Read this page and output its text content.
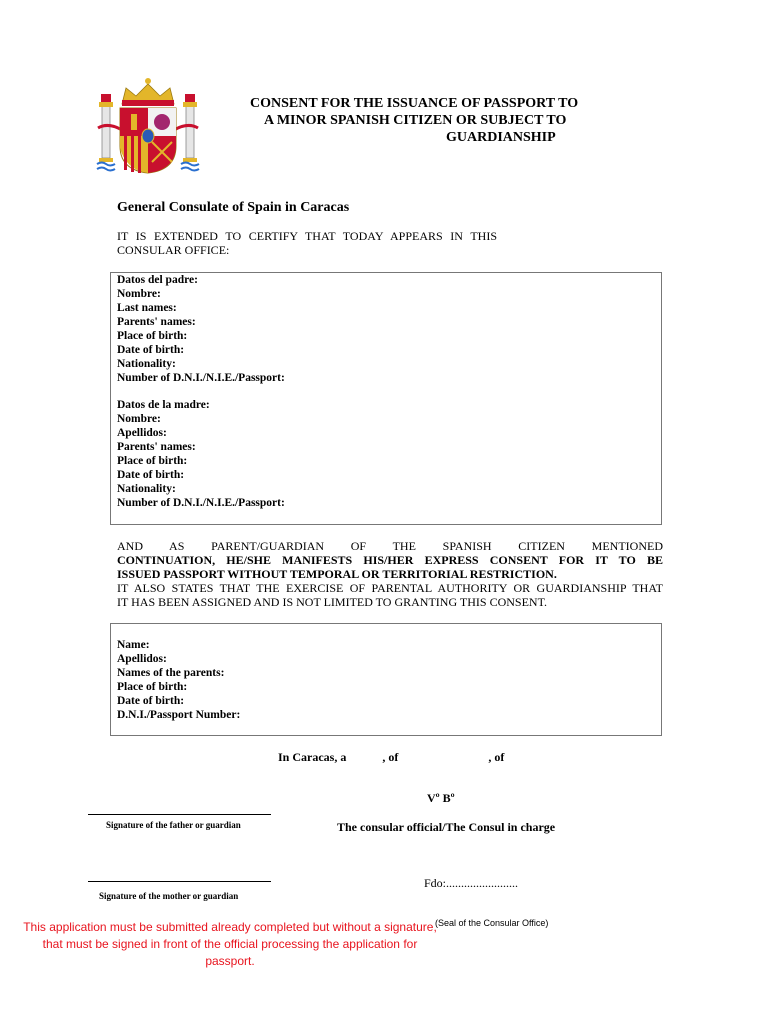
CONSENT FOR THE ISSUANCE OF PASSPORT TO
A MINOR SPANISH CITIZEN OR SUBJECT TO
GUARDIANSHIP
General Consulate of Spain in Caracas
IT IS EXTENDED TO CERTIFY THAT TODAY APPEARS IN THIS CONSULAR OFFICE:
Datos del padre:
Nombre:
Last names:
Parents' names:
Place of birth:
Date of birth:
Nationality:
Number of D.N.I./N.I.E./Passport:
Datos de la madre:
Nombre:
Apellidos:
Parents' names:
Place of birth:
Date of birth:
Nationality:
Number of D.N.I./N.I.E./Passport:
AND AS PARENT/GUARDIAN OF THE SPANISH CITIZEN MENTIONED
CONTINUATION, HE/SHE MANIFESTS HIS/HER EXPRESS CONSENT FOR IT TO BE
ISSUED PASSPORT WITHOUT TEMPORAL OR TERRITORIAL RESTRICTION.
IT ALSO STATES THAT THE EXERCISE OF PARENTAL AUTHORITY OR GUARDIANSHIP THAT
IT HAS BEEN ASSIGNED AND IS NOT LIMITED TO GRANTING THIS CONSENT.
Name:
Apellidos:
Names of the parents:
Place of birth:
Date of birth:
D.N.I./Passport Number:
In Caracas, a            , of                              , of
Vº Bº
Signature of the father or guardian	The consular official/The Consul in charge
Fdo:........................
Signature of the mother or guardian
(Seal of the Consular Office)
This application must be submitted already completed but without a signature, that must be signed in front of the official processing the application for passport.
